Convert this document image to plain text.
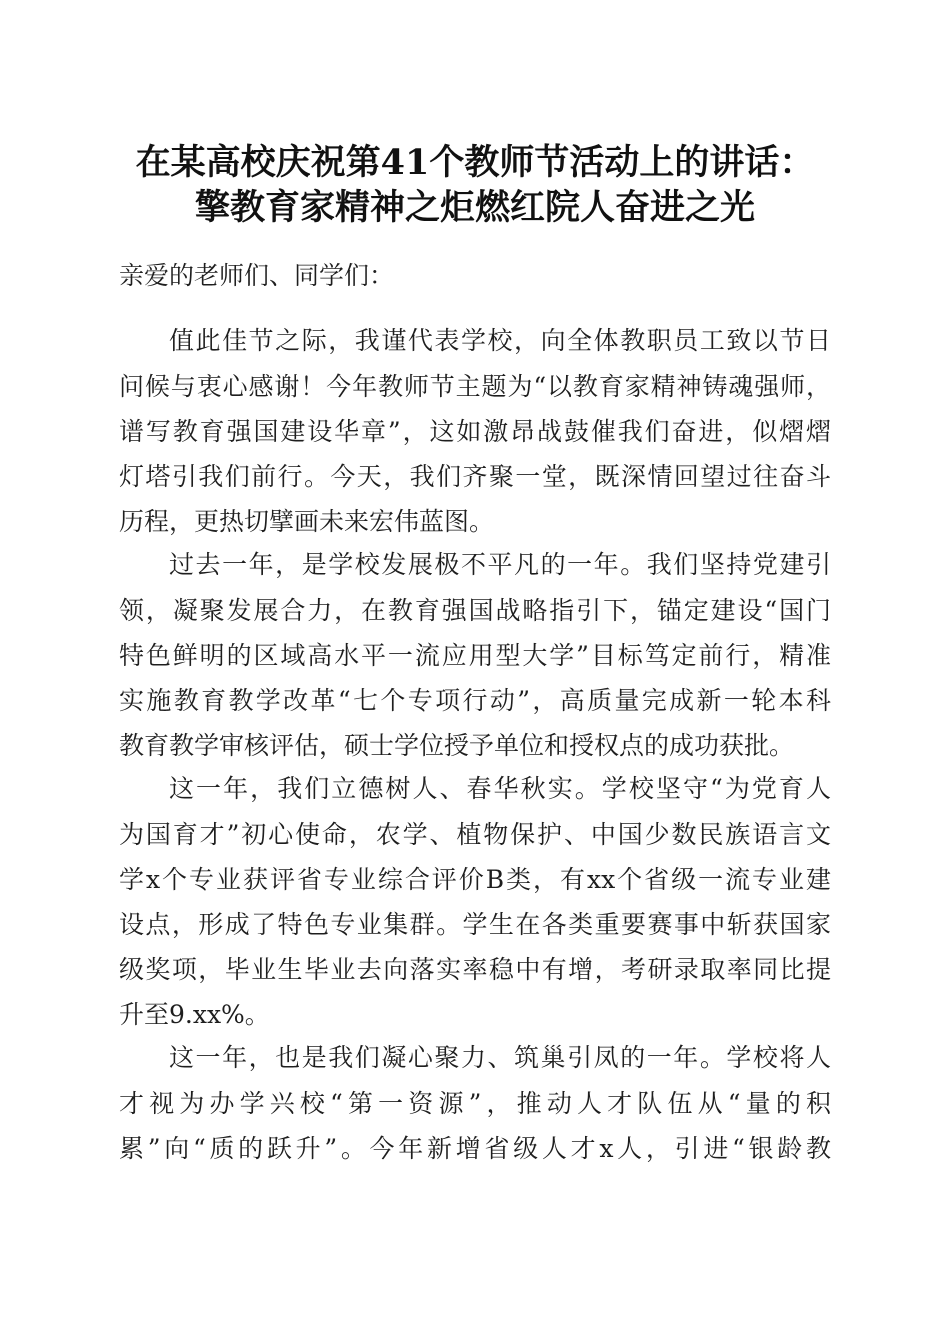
在某高校庆祝第41个教师节活动上的讲话：
擎教育家精神之炬燃红院人奋进之光
亲爱的老师们、同学们：
值此佳节之际，我谨代表学校，向全体教职员工致以节日
问候与衷心感谢！今年教师节主题为“以教育家精神铸魂强师，
谱写教育强国建设华章”，这如激昂战鼓催我们奋进，似熠熠
灯塔引我们前行。今天，我们齐聚一堂，既深情回望过往奋斗
历程，更热切擘画未来宏伟蓝图。
过去一年，是学校发展极不平凡的一年。我们坚持党建引
领，凝聚发展合力，在教育强国战略指引下，锚定建设“国门
特色鲜明的区域高水平一流应用型大学”目标笃定前行，精准
实施教育教学改革“七个专项行动”，高质量完成新一轮本科
教育教学审核评估，硕士学位授予单位和授权点的成功获批。
这一年，我们立德树人、春华秋实。学校坚守“为党育人
为国育才”初心使命，农学、植物保护、中国少数民族语言文
学x个专业获评省专业综合评价B类，有xx个省级一流专业建
设点，形成了特色专业集群。学生在各类重要赛事中斩获国家
级奖项，毕业生毕业去向落实率稳中有增，考研录取率同比提
升至9.xx%。
这一年，也是我们凝心聚力、筑巢引凤的一年。学校将人
才视为办学兴校“第一资源”，推动人才队伍从“量的积
累”向“质的跃升”。今年新增省级人才x人，引进“银龄教
